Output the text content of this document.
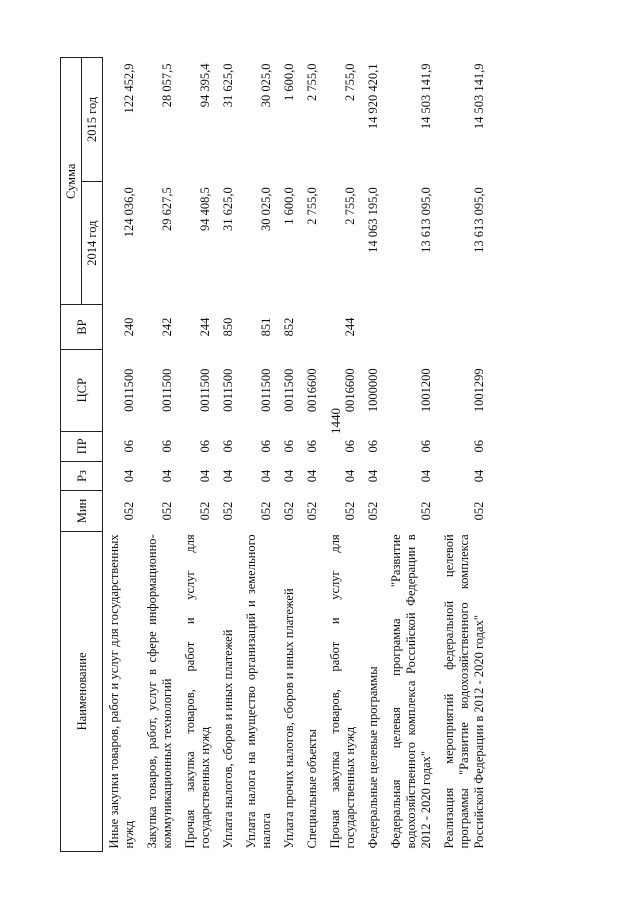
1440
Наименование	Мин	Рз	ПР	ЦСР	ВР	Сумма	
						2014 год	2015 год
Иные закупки товаров, работ и услуг для государственных нужд	052	04	06	0011500	240	124 036,0	122 452,9
Закупка товаров, работ, услуг в сфере информационно-коммуникационных технологий	052	04	06	0011500	242	29 627,5	28 057,5
Прочая закупка товаров, работ и услуг для государственных нужд	052	04	06	0011500	244	94 408,5	94 395,4
Уплата налогов, сборов и иных платежей	052	04	06	0011500	850	31 625,0	31 625,0
Уплата налога на имущество организаций и земельного налога	052	04	06	0011500	851	30 025,0	30 025,0
Уплата прочих налогов, сборов и иных платежей	052	04	06	0011500	852	1 600,0	1 600,0
Специальные объекты	052	04	06	0016600		2 755,0	2 755,0
Прочая закупка товаров, работ и услуг для государственных нужд	052	04	06	0016600	244	2 755,0	2 755,0
Федеральные целевые программы	052	04	06	1000000		14 063 195,0	14 920 420,1
Федеральная целевая программа "Развитие водохозяйственного комплекса Российской Федерации в 2012 - 2020 годах"	052	04	06	1001200		13 613 095,0	14 503 141,9
Реализация мероприятий федеральной целевой программы "Развитие водохозяйственного комплекса Российской Федерации в 2012 - 2020 годах"	052	04	06	1001299		13 613 095,0	14 503 141,9
